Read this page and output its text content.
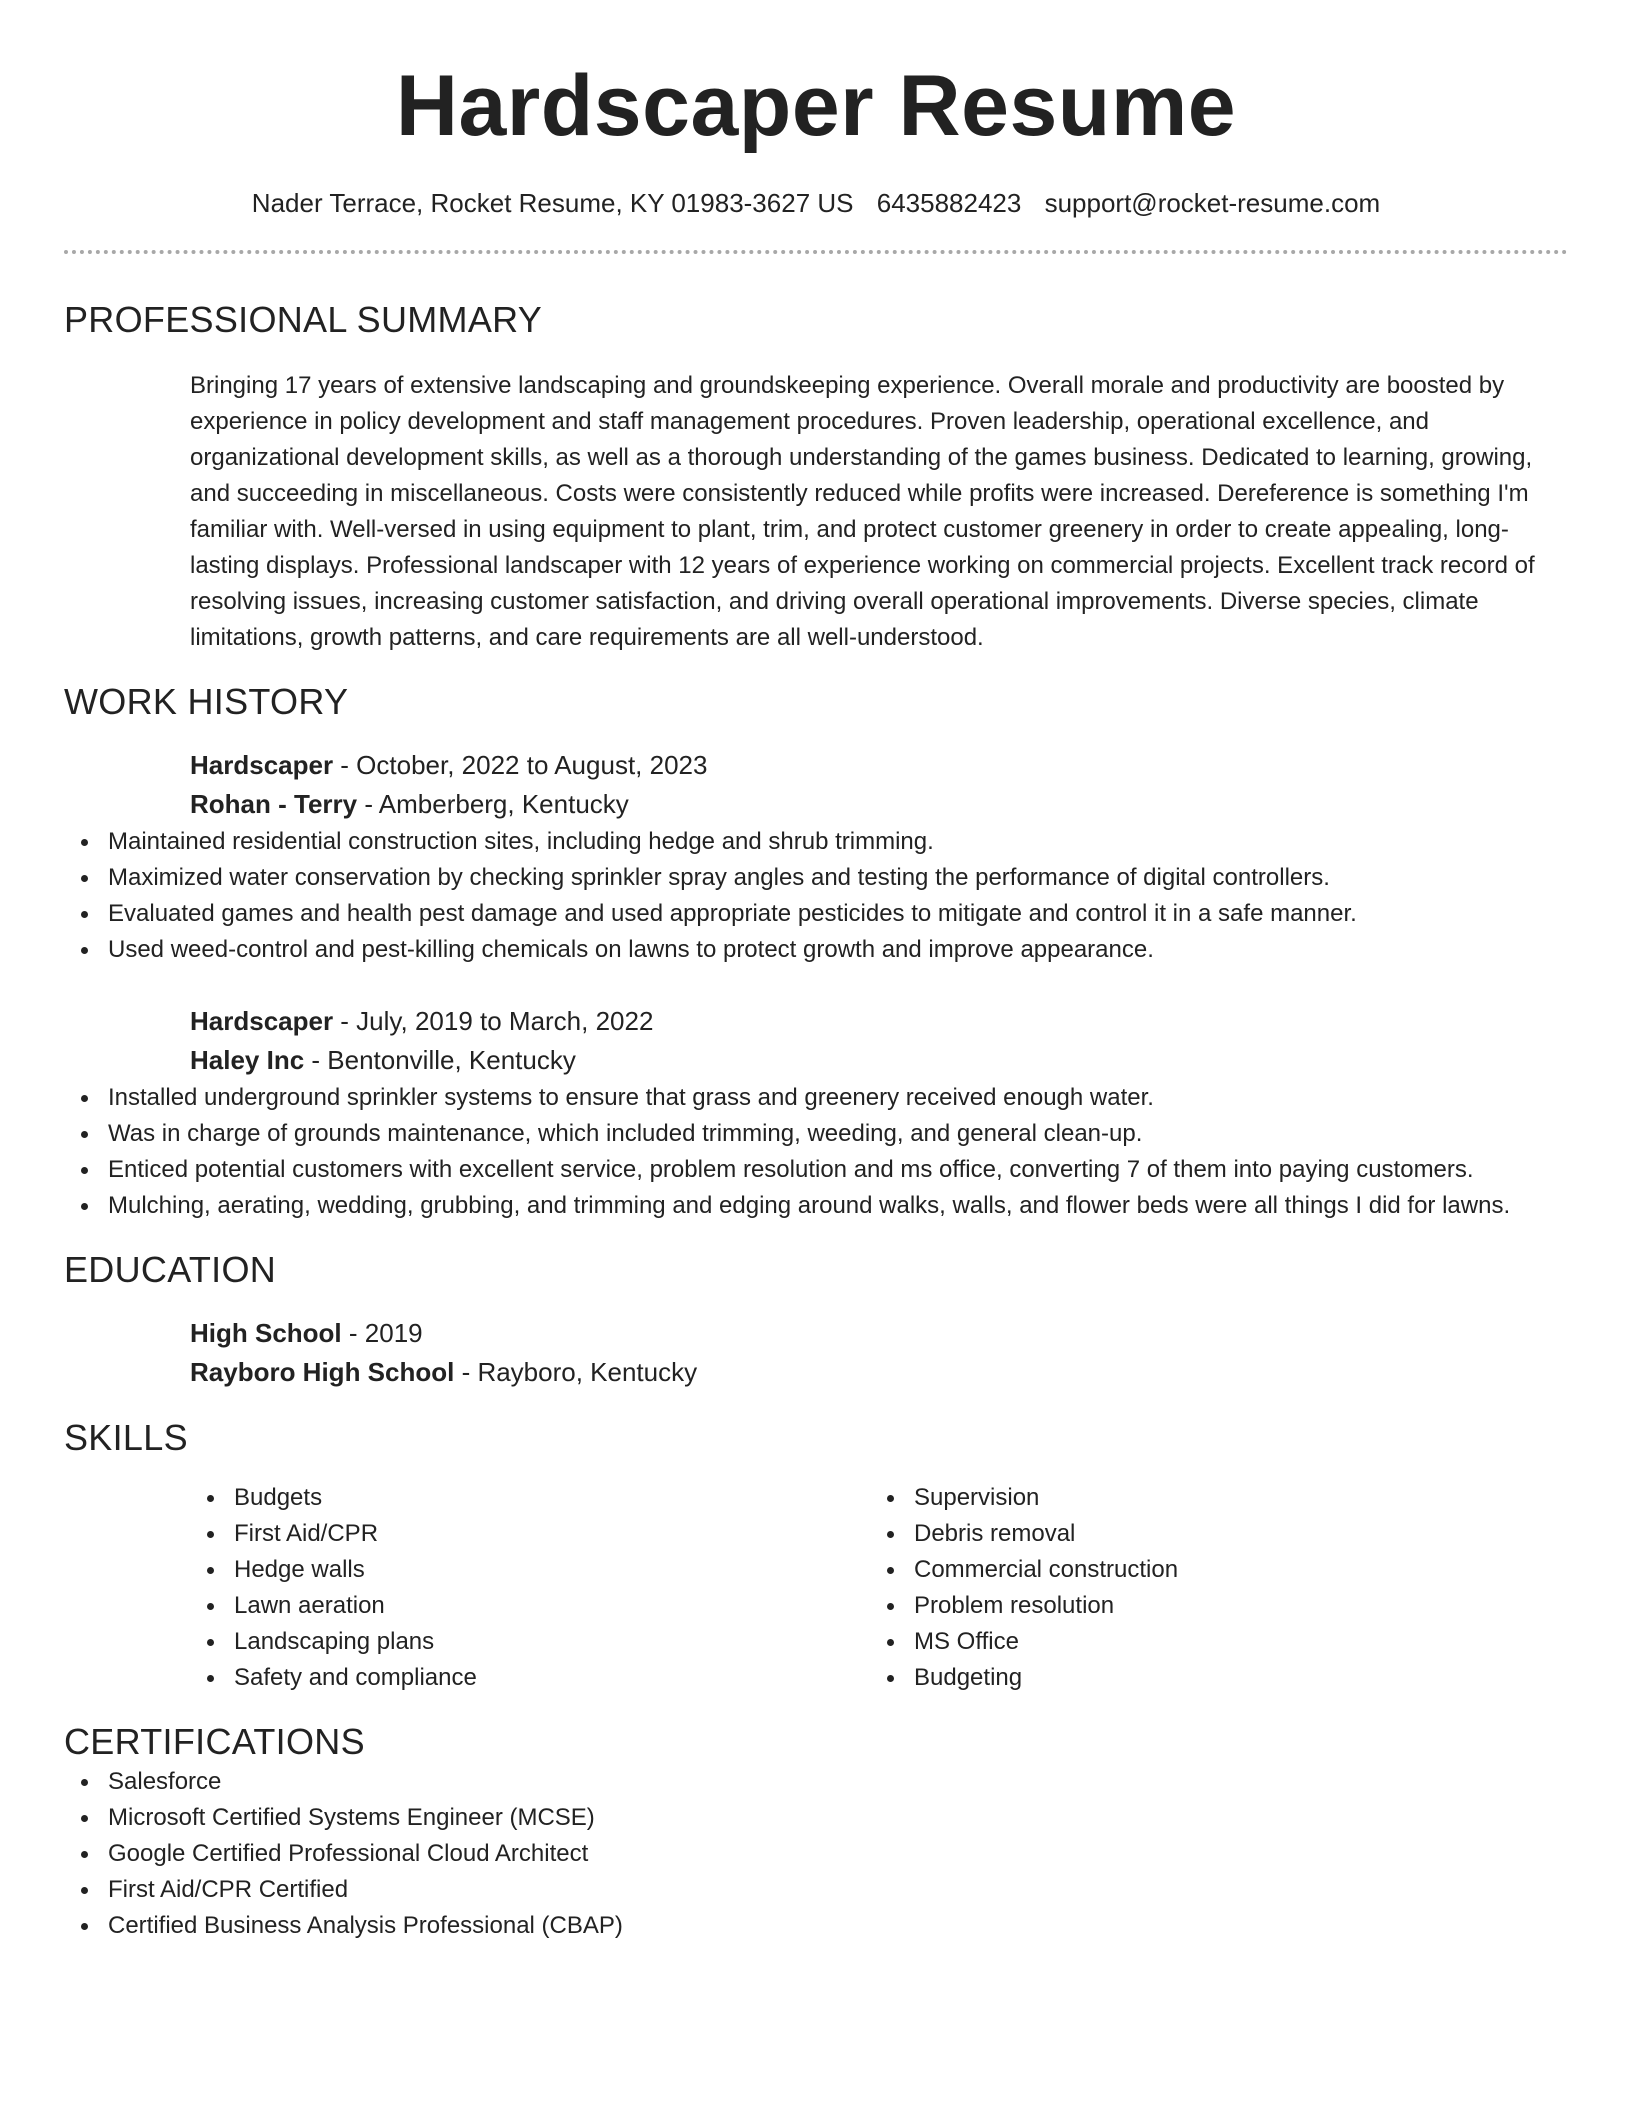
Hardscaper Resume
Nader Terrace, Rocket Resume, KY 01983-3627 US 6435882423 support@rocket-resume.com
PROFESSIONAL SUMMARY
Bringing 17 years of extensive landscaping and groundskeeping experience. Overall morale and productivity are boosted by experience in policy development and staff management procedures. Proven leadership, operational excellence, and organizational development skills, as well as a thorough understanding of the games business. Dedicated to learning, growing, and succeeding in miscellaneous. Costs were consistently reduced while profits were increased. Dereference is something I'm familiar with. Well-versed in using equipment to plant, trim, and protect customer greenery in order to create appealing, long-lasting displays. Professional landscaper with 12 years of experience working on commercial projects. Excellent track record of resolving issues, increasing customer satisfaction, and driving overall operational improvements. Diverse species, climate limitations, growth patterns, and care requirements are all well-understood.
WORK HISTORY
Hardscaper - October, 2022 to August, 2023
Rohan - Terry - Amberberg, Kentucky
Maintained residential construction sites, including hedge and shrub trimming.
Maximized water conservation by checking sprinkler spray angles and testing the performance of digital controllers.
Evaluated games and health pest damage and used appropriate pesticides to mitigate and control it in a safe manner.
Used weed-control and pest-killing chemicals on lawns to protect growth and improve appearance.
Hardscaper - July, 2019 to March, 2022
Haley Inc - Bentonville, Kentucky
Installed underground sprinkler systems to ensure that grass and greenery received enough water.
Was in charge of grounds maintenance, which included trimming, weeding, and general clean-up.
Enticed potential customers with excellent service, problem resolution and ms office, converting 7 of them into paying customers.
Mulching, aerating, wedding, grubbing, and trimming and edging around walks, walls, and flower beds were all things I did for lawns.
EDUCATION
High School - 2019
Rayboro High School - Rayboro, Kentucky
SKILLS
Budgets
First Aid/CPR
Hedge walls
Lawn aeration
Landscaping plans
Safety and compliance
Supervision
Debris removal
Commercial construction
Problem resolution
MS Office
Budgeting
CERTIFICATIONS
Salesforce
Microsoft Certified Systems Engineer (MCSE)
Google Certified Professional Cloud Architect
First Aid/CPR Certified
Certified Business Analysis Professional (CBAP)
